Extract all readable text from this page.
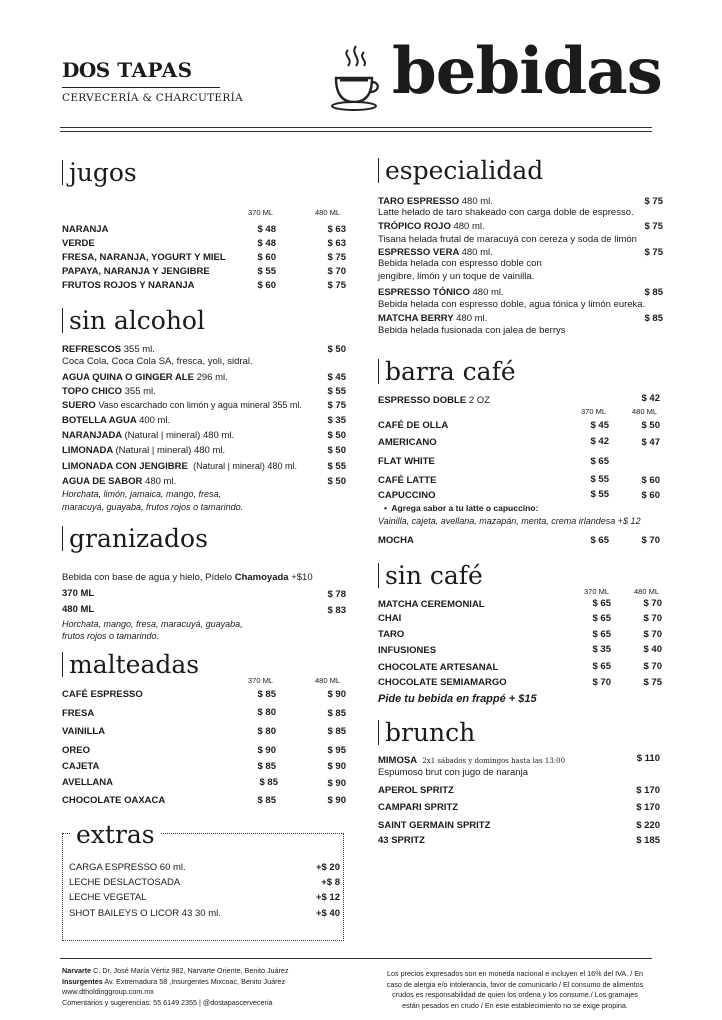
DOS TAPAS
CERVECERÍA & CHARCUTERÍA bebidas
jugos
370 ML	480 ML
NARANJA	$ 48	$ 63
VERDE	$ 48	$ 63
FRESA, NARANJA, YOGURT Y MIEL	$ 60	$ 75
PAPAYA, NARANJA Y JENGIBRE	$ 55	$ 70
FRUTOS ROJOS Y NARANJA	$ 60	$ 75
sin alcohol
REFRESCOS 355 ml.	$ 50
Coca Cola, Coca Cola SA, fresca, yoli, sidral.
AGUA QUINA O GINGER ALE 296 ml.	$ 45
TOPO CHICO 355 ml.	$ 55
SUERO Vaso escarchado con limón y agua mineral 355 ml.	$ 75
BOTELLA AGUA 400 ml.	$ 35
NARANJADA (Natural | mineral) 480 ml.	$ 50
LIMONADA (Natural | mineral) 480 ml.	$ 50
LIMONADA CON JENGIBRE (Natural | mineral) 480 ml.	$ 55
AGUA DE SABOR 480 ml.	$ 50
Horchata, limón, jamaica, mango, fresa,
maracuyá, guayaba, frutos rojos o tamarindo.
granizados
Bebida con base de agua y hielo, Pídelo Chamoyada +$10
370 ML	$ 78
480 ML	$ 83
Horchata, mango, fresa, maracuyá, guayaba,
frutos rojos o tamarindo.
malteadas
370 ML	480 ML
CAFÉ ESPRESSO	$ 85	$ 90
FRESA	$ 80	$ 85
VAINILLA	$ 80	$ 85
OREO	$ 90	$ 95
CAJETA	$ 85	$ 90
AVELLANA	$ 85	$ 90
CHOCOLATE OAXACA	$ 85	$ 90
extras
CARGA ESPRESSO 60 ml.	+$ 20
LECHE DESLACTOSADA	+$ 8
LECHE VEGETAL	+$ 12
SHOT BAILEYS O LICOR 43 30 ml.	+$ 40
especialidad
TARO ESPRESSO 480 ml.	$ 75
Latte helado de taro shakeado con carga doble de espresso.
TRÓPICO ROJO 480 ml.	$ 75
Tisana helada frutal de maracuyá con cereza y soda de limón
ESPRESSO VERA 480 ml.	$ 75
Bebida helada con espresso doble con
jengibre, limón y un toque de vainilla.
ESPRESSO TÓNICO 480 ml.	$ 85
Bebida helada con espresso doble, agua tónica y limón eureka.
MATCHA BERRY 480 ml.	$ 85
Bebida helada fusionada con jalea de berrys
barra café
ESPRESSO DOBLE 2 OZ	$ 42
370 ML	480 ML
CAFÉ DE OLLA	$ 45	$ 50
AMERICANO	$ 42	$ 47
FLAT WHITE	$ 65
CAFÉ LATTE	$ 55	$ 60
CAPUCCINO	$ 55	$ 60
•  Agrega sabor a tu latte o capuccino:
Vainilla, cajeta, avellana, mazapán, menta, crema irlandesa +$ 12
MOCHA	$ 65	$ 70
sin café
370 ML	480 ML
MATCHA CEREMONIAL	$ 65	$ 70
CHAI	$ 65	$ 70
TARO	$ 65	$ 70
INFUSIONES	$ 35	$ 40
CHOCOLATE ARTESANAL	$ 65	$ 70
CHOCOLATE SEMIAMARGO	$ 70	$ 75
Pide tu bebida en frappé + $15
brunch
MIMOSA 2x1 sábados y domingos hasta las 13:00	$ 110
Espumoso brut con jugo de naranja
APEROL SPRITZ	$ 170
CAMPARI SPRITZ	$ 170
SAINT GERMAIN SPRITZ	$ 220
43 SPRITZ	$ 185
Narvarte C. Dr. José María Vértiz 982, Narvarte Oriente, Benito Juárez
Insurgentes Av. Extremadura 58 ,Insurgentes Mixcoac, Benito Juárez
www.dtholdinggroup.com.mx
Comentarios y sugerencias: 55 6149 2355 | @dostapascerveceria
Los precios expresados son en moneda nacional e incluyen el 16% del IVA. / En
caso de alergia e/o intolerancia, favor de comunicarlo / El consumo de alimentos
crudos es responsabilidad de quien los ordena y los consume./ Los gramajes
están pesados en crudo / En este establecimiento no se exige propina.
